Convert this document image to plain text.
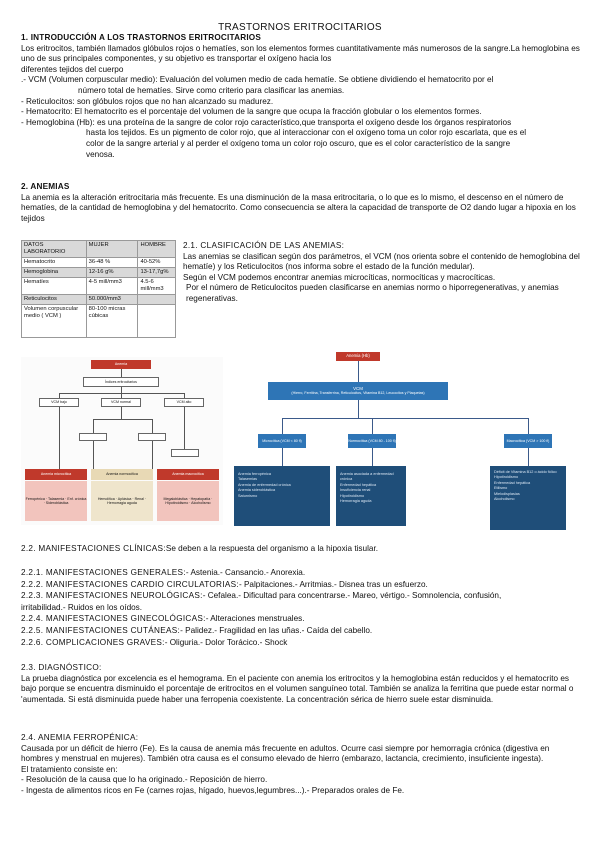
TRASTORNOS ERITROCITARIOS
1. INTRODUCCIÓN A LOS TRASTORNOS ERITROCITARIOS
Los eritrocitos, también llamados glóbulos rojos o hematíes, son los elementos formes cuantitativamente más numerosos de la sangre.La hemoglobina es uno de sus principales componentes, y su objetivo es transportar el oxígeno hacia los
diferentes tejidos del cuerpo
.- VCM (Volumen corpuscular medio): Evaluación del volumen medio de cada hematíe. Se obtiene dividiendo el hematocrito por el
número total de hematíes. Sirve como criterio para clasificar las anemias.
- Reticulocitos: son glóbulos rojos que no han alcanzado su madurez.
- Hematocrito: El hematocrito es el porcentaje del volumen de la sangre que ocupa la fracción globular o los elementos formes.
- Hemoglobina (Hb): es una proteína de la sangre de color rojo característico,que transporta el oxígeno desde los órganos respiratorios
hasta los tejidos. Es un pigmento de color rojo, que al interaccionar con el oxígeno toma un color rojo escarlata, que es el
color de la sangre arterial y al perder el oxígeno toma un color rojo oscuro, que es el color característico de la sangre
venosa.
2. ANEMIAS
La anemia es la alteración eritrocitaria más frecuente. Es una disminución de la masa eritrocitaria, o lo que es lo mismo, el descenso en el número de hematíes, de la cantidad de hemoglobina y del hematocrito. Como consecuencia se altera la capacidad de transporte de O2 dando lugar a hipoxia en los tejidos
DATOS LABORATORIO	MUJER	HOMBRE
Hematocrito	36-48 %	40-52%
Hemoglobina	12-16 g%	13-17,7g%
Hematíes	4-5 mill/mm3	4.5-6 mill/mm3
Reticulocitos	50.000/mm3	
Volumen corpuscular medio ( VCM )	80-100 micras cúbicas	
2.1. CLASIFICACIÓN DE LAS ANEMIAS:
Las anemias se clasifican según dos parámetros, el VCM (nos orienta sobre el contenido de hemoglobina del hematíe) y los Reticulocitos (nos informa sobre el estado de la función medular).
Según el VCM podemos encontrar anemias microcíticas, normocíticas y macrocíticas.
Por el número de Reticulocitos pueden clasificarse en anemias normo o hiporregenerativas, y anemias regenerativas.
Anemia
Índices eritrocitarios
VCM bajo	VCM normal	VCM alto
Anemia microcítica	Anemia normocítica	Anemia macrocítica
Ferropénica · Talasemia · Enf. crónica · Sideroblástica
Hemolítica · Aplásica · Renal · Hemorragia aguda
Megaloblástica · Hepatopatía · Hipotiroidismo · Alcoholismo
Anemia (Hb)
VCM
(Hierro, Ferritina, Transferrina, Reticulocitos, Vitamina B12, Leucocitos y Plaquetas)
Microcítica (VCM < 80 fl)	Normocítica (VCM 80 - 100 fl)	Macrocítica (VCM > 100 fl)
Anemia ferropénica
Talasemias
Anemia de enfermedad crónica
Anemia sideroblástica
Saturnismo
Anemia asociada a enfermedad crónica
Enfermedad hepática
Insuficiencia renal
Hipotiroidismo
Hemorragia aguda
Déficit de Vitamina B12 o ácido fólico
Hipotiroidismo
Enfermedad hepática
Etilismo
Mielodisplasias
Alcoholismo
2.2. MANIFESTACIONES CLÍNICAS:Se deben a la respuesta del organismo a la hipoxia tisular.
2.2.1. MANIFESTACIONES GENERALES:- Astenia.- Cansancio.- Anorexia.
2.2.2. MANIFESTACIONES CARDIO CIRCULATORIAS:- Palpitaciones.- Arritmias.- Disnea tras un esfuerzo.
2.2.3. MANIFESTACIONES NEUROLÓGICAS:- Cefalea.- Dificultad para concentrarse.- Mareo, vértigo.- Somnolencia, confusión,
irritabilidad.- Ruidos en los oídos.
2.2.4. MANIFESTACIONES GINECOLÓGICAS:- Alteraciones menstruales.
2.2.5. MANIFESTACIONES CUTÁNEAS:- Palidez.- Fragilidad en las uñas.- Caída del cabello.
2.2.6. COMPLICACIONES GRAVES:- Oliguria.- Dolor Torácico.- Shock
2.3. DIAGNÓSTICO:
La prueba diagnóstica por excelencia es el hemograma. En el paciente con anemia los eritrocitos y la hemoglobina están reducidos y el hematocrito es bajo porque se encuentra disminuido el porcentaje de eritrocitos en el volumen sanguíneo total. También se analiza la ferritina que puede estar normal o 'aumentada. Si está disminuida puede haber una ferropenia coexistente. La concentración sérica de hierro suele estar disminuida.
2.4. ANEMIA FERROPÉNICA:
Causada por un déficit de hierro (Fe). Es la causa de anemia más frecuente en adultos. Ocurre casi siempre por hemorragia crónica (digestiva en hombres y menstrual en mujeres). También otra causa es el consumo elevado de hierro (embarazo, lactancia, crecimiento, insuficiente ingesta).
El tratamiento consiste en:
- Resolución de la causa que lo ha originado.- Reposición de hierro.
- Ingesta de alimentos ricos en Fe (carnes rojas, hígado, huevos,legumbres...).- Preparados orales de Fe.
